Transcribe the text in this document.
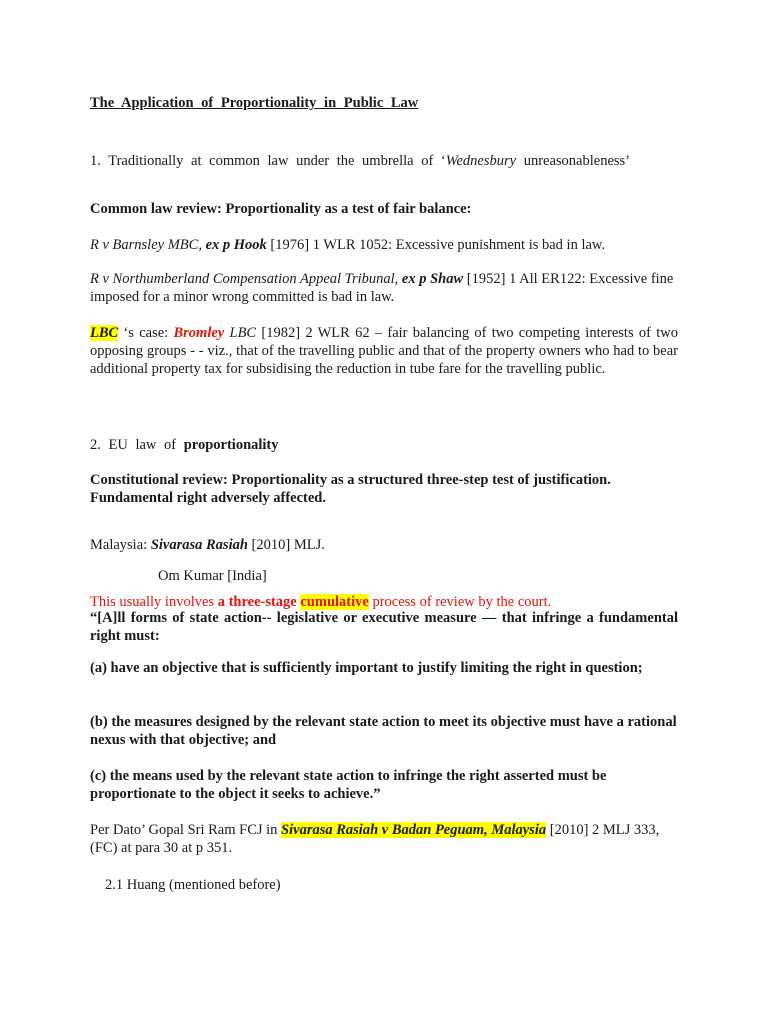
The Application of Proportionality in Public Law
1. Traditionally at common law under the umbrella of ‘Wednesbury unreasonableness’
Common law review: Proportionality as a test of fair balance:
R v Barnsley MBC, ex p Hook [1976] 1 WLR 1052: Excessive punishment is bad in law.
R v Northumberland Compensation Appeal Tribunal, ex p Shaw [1952] 1 All ER122: Excessive fine imposed for a minor wrong committed is bad in law.
LBC ‘s case: Bromley LBC [1982] 2 WLR 62 – fair balancing of two competing interests of two opposing groups - - viz., that of the travelling public and that of the property owners who had to bear additional property tax for subsidising the reduction in tube fare for the travelling public.
2. EU law of proportionality
Constitutional review: Proportionality as a structured three-step test of justification. Fundamental right adversely affected.
Malaysia: Sivarasa Rasiah [2010] MLJ.
Om Kumar [India]
This usually involves a three-stage cumulative process of review by the court.
“[A]ll forms of state action-- legislative or executive measure — that infringe a fundamental right must:
(a) have an objective that is sufficiently important to justify limiting the right in question;
(b) the measures designed by the relevant state action to meet its objective must have a rational nexus with that objective; and
(c) the means used by the relevant state action to infringe the right asserted must be proportionate to the object it seeks to achieve.”
Per Dato’ Gopal Sri Ram FCJ in Sivarasa Rasiah v Badan Peguam, Malaysia [2010] 2 MLJ 333, (FC) at para 30 at p 351.
2.1 Huang (mentioned before)
